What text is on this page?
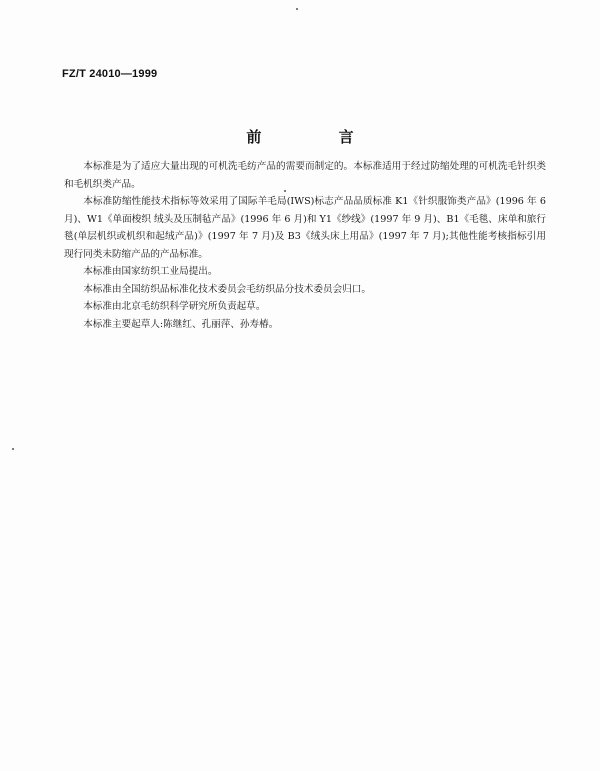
FZ/T 24010—1999
前 言

本标准是为了适应大量出现的可机洗毛纺产品的需要而制定的。本标准适用于经过防缩处理的可机洗毛针织类和毛机织类产品。

本标准防缩性能技术指标等效采用了国际羊毛局(IWS)标志产品品质标准 K1《针织服饰类产品》(1996 年 6 月)、W1《单面梭织 绒头及压制毡产品》(1996 年 6 月)和 Y1《纱线》(1997 年 9 月)、B1《毛毯、床单和旅行毯(单层机织或机织和起绒产品)》(1997 年 7 月)及 B3《绒头床上用品》(1997 年 7 月);其他性能考核指标引用现行同类未防缩产品的产品标准。

本标准由国家纺织工业局提出。

本标准由全国纺织品标准化技术委员会毛纺织品分技术委员会归口。

本标准由北京毛纺织科学研究所负责起草。

本标准主要起草人:陈继红、孔丽萍、孙寿椿。
